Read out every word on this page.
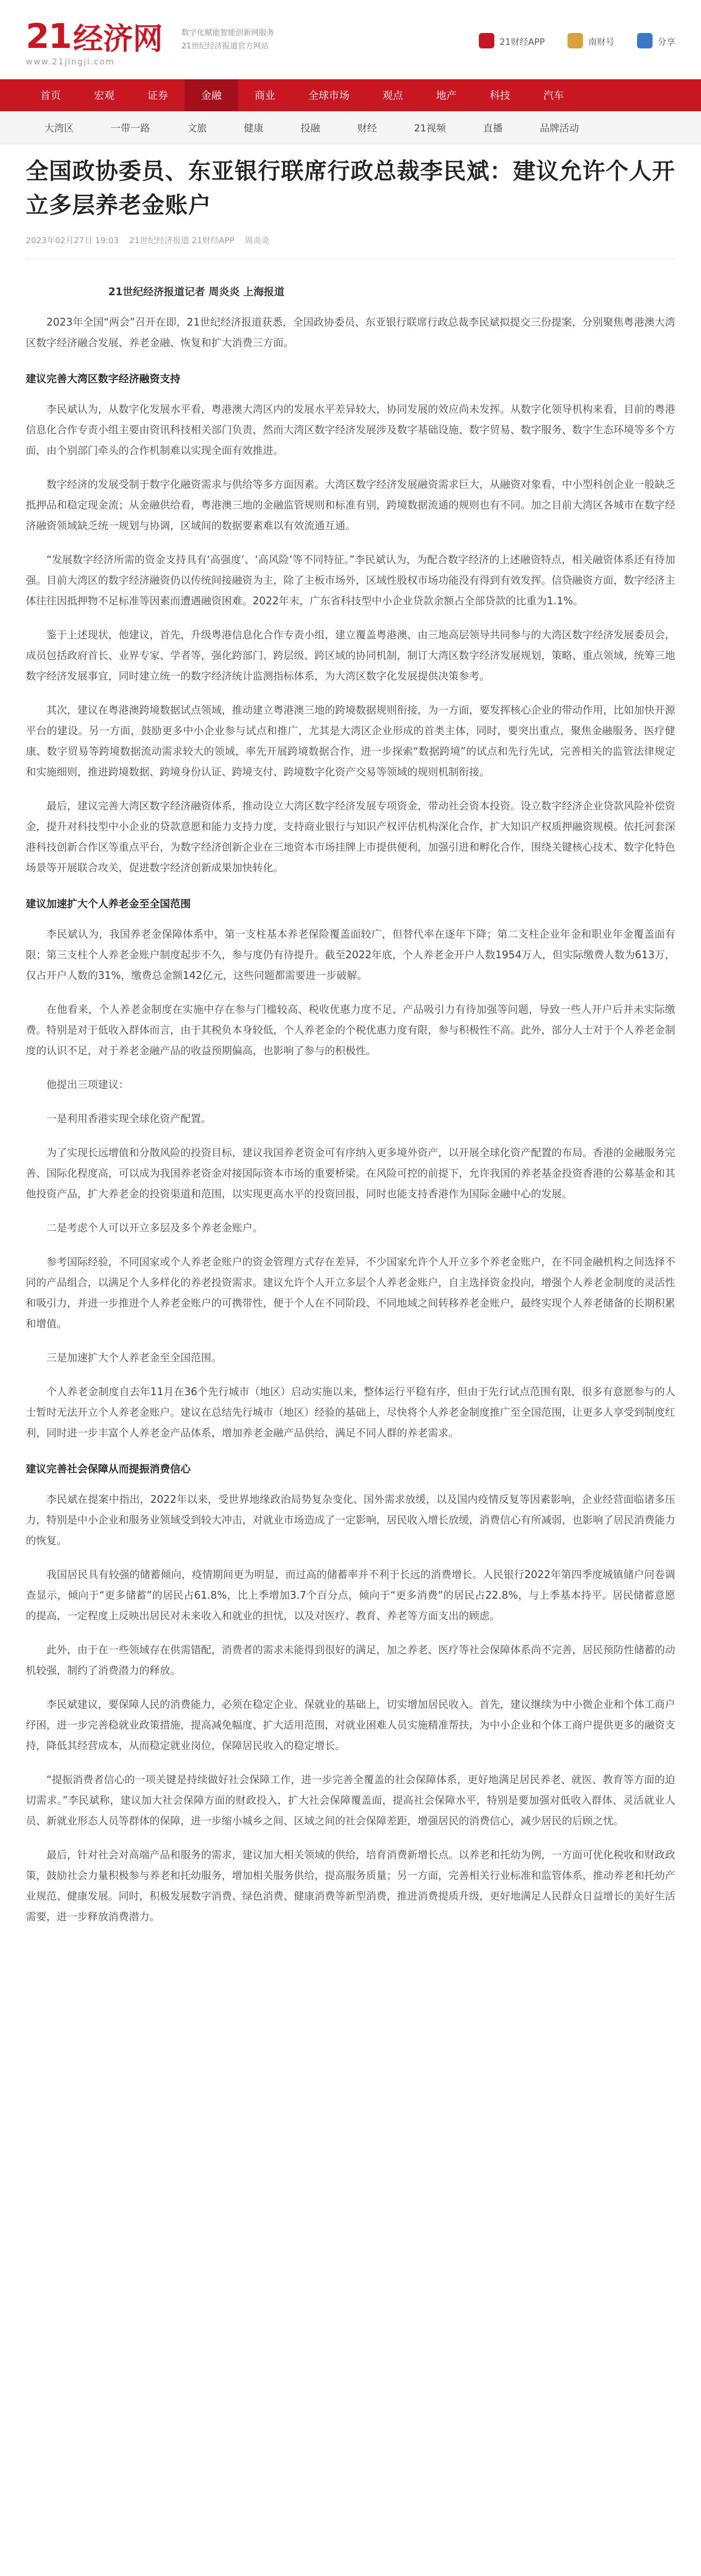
21 经济网
www.21jingji.com
数字化赋能智能创新网服务
21世纪经济报道官方网站	21财经APP	南财号	分享
首页	宏观	证券	金融	商业	全球市场	观点	地产	科技	汽车
大湾区	一带一路	文旅	健康	投融	财经	21视频	直播	品牌活动
全国政协委员、东亚银行联席行政总裁李民斌：建议允许个人开立多层养老金账户
2023年02月27日 19:03 21世纪经济报道 21财经APP 周炎炎
21世纪经济报道记者 周炎炎 上海报道

2023年全国“两会”召开在即，21世纪经济报道获悉，全国政协委员、东亚银行联席行政总裁李民斌拟提交三份提案，分别聚焦粤港澳大湾区数字经济融合发展、养老金融、恢复和扩大消费三方面。

建议完善大湾区数字经济融资支持

李民斌认为，从数字化发展水平看，粤港澳大湾区内的发展水平差异较大，协同发展的效应尚未发挥。从数字化领导机构来看，目前的粤港信息化合作专责小组主要由资讯科技相关部门负责，然而大湾区数字经济发展涉及数字基础设施、数字贸易、数字服务、数字生态环境等多个方面，由个别部门牵头的合作机制难以实现全面有效推进。

数字经济的发展受制于数字化融资需求与供给等多方面因素。大湾区数字经济发展融资需求巨大，从融资对象看，中小型科创企业一般缺乏抵押品和稳定现金流；从金融供给看，粤港澳三地的金融监管规则和标准有别，跨境数据流通的规则也有不同。加之目前大湾区各城市在数字经济融资领域缺乏统一规划与协调，区域间的数据要素难以有效流通互通。

“发展数字经济所需的资金支持具有‘高强度’、‘高风险’等不同特征。”李民斌认为，为配合数字经济的上述融资特点，相关融资体系还有待加强。目前大湾区的数字经济融资仍以传统间接融资为主，除了主板市场外，区域性股权市场功能没有得到有效发挥。信贷融资方面，数字经济主体往往因抵押物不足标准等因素而遭遇融资困难。2022年末，广东省科技型中小企业贷款余额占全部贷款的比重为1.1%。

鉴于上述现状，他建议，首先，升级粤港信息化合作专责小组，建立覆盖粤港澳、由三地高层领导共同参与的大湾区数字经济发展委员会，成员包括政府首长、业界专家、学者等，强化跨部门、跨层级、跨区域的协同机制，制订大湾区数字经济发展规划，策略、重点领域，统筹三地数字经济发展事宜，同时建立统一的数字经济统计监测指标体系，为大湾区数字化发展提供决策参考。

其次，建议在粤港澳跨境数据试点领域，推动建立粤港澳三地的跨境数据规则衔接，为一方面，要发挥核心企业的带动作用，比如加快开源平台的建设。另一方面，鼓励更多中小企业参与试点和推广，尤其是大湾区企业形成的首类主体，同时，要突出重点，聚焦金融服务、医疗健康、数字贸易等跨境数据流动需求较大的领域，率先开展跨境数据合作，进一步探索“数据跨境”的试点和先行先试，完善相关的监管法律规定和实施细则，推进跨境数据、跨境身份认证、跨境支付、跨境数字化资产交易等领域的规则机制衔接。

最后，建议完善大湾区数字经济融资体系，推动设立大湾区数字经济发展专项资金，带动社会资本投资。设立数字经济企业贷款风险补偿资金，提升对科技型中小企业的贷款意愿和能力支持力度，支持商业银行与知识产权评估机构深化合作，扩大知识产权质押融资规模。依托河套深港科技创新合作区等重点平台，为数字经济创新企业在三地资本市场挂牌上市提供便利，加强引进和孵化合作，围绕关键核心技术、数字化特色场景等开展联合攻关，促进数字经济创新成果加快转化。

建议加速扩大个人养老金至全国范围

李民斌认为，我国养老金保障体系中，第一支柱基本养老保险覆盖面较广，但替代率在逐年下降；第二支柱企业年金和职业年金覆盖面有限；第三支柱个人养老金账户制度起步不久，参与度仍有待提升。截至2022年底，个人养老金开户人数1954万人，但实际缴费人数为613万，仅占开户人数的31%，缴费总金额142亿元，这些问题都需要进一步破解。

在他看来，个人养老金制度在实施中存在参与门槛较高、税收优惠力度不足、产品吸引力有待加强等问题，导致一些人开户后并未实际缴费。特别是对于低收入群体而言，由于其税负本身较低，个人养老金的个税优惠力度有限，参与积极性不高。此外，部分人士对于个人养老金制度的认识不足，对于养老金融产品的收益预期偏高，也影响了参与的积极性。

他提出三项建议：

一是利用香港实现全球化资产配置。

为了实现长远增值和分散风险的投资目标，建议我国养老资金可有序纳入更多境外资产，以开展全球化资产配置的布局。香港的金融服务完善、国际化程度高，可以成为我国养老资金对接国际资本市场的重要桥梁。在风险可控的前提下，允许我国的养老基金投资香港的公募基金和其他投资产品，扩大养老金的投资渠道和范围，以实现更高水平的投资回报，同时也能支持香港作为国际金融中心的发展。

二是考虑个人可以开立多层及多个养老金账户。

参考国际经验，不同国家或个人养老金账户的资金管理方式存在差异，不少国家允许个人开立多个养老金账户，在不同金融机构之间选择不同的产品组合，以满足个人多样化的养老投资需求。建议允许个人开立多层个人养老金账户，自主选择资金投向，增强个人养老金制度的灵活性和吸引力，并进一步推进个人养老金账户的可携带性，便于个人在不同阶段、不同地域之间转移养老金账户，最终实现个人养老储备的长期积累和增值。

三是加速扩大个人养老金至全国范围。

个人养老金制度自去年11月在36个先行城市（地区）启动实施以来，整体运行平稳有序，但由于先行试点范围有限，很多有意愿参与的人士暂时无法开立个人养老金账户。建议在总结先行城市（地区）经验的基础上，尽快将个人养老金制度推广至全国范围，让更多人享受到制度红利，同时进一步丰富个人养老金产品体系，增加养老金融产品供给，满足不同人群的养老需求。

建议完善社会保障从而提振消费信心

李民斌在提案中指出，2022年以来，受世界地缘政治局势复杂变化、国外需求放缓，以及国内疫情反复等因素影响，企业经营面临诸多压力，特别是中小企业和服务业领域受到较大冲击，对就业市场造成了一定影响，居民收入增长放缓，消费信心有所减弱，也影响了居民消费能力的恢复。

我国居民具有较强的储蓄倾向，疫情期间更为明显，而过高的储蓄率并不利于长远的消费增长。人民银行2022年第四季度城镇储户问卷调查显示，倾向于“更多储蓄”的居民占61.8%，比上季增加3.7个百分点，倾向于“更多消费”的居民占22.8%，与上季基本持平。居民储蓄意愿的提高，一定程度上反映出居民对未来收入和就业的担忧，以及对医疗、教育、养老等方面支出的顾虑。

此外，由于在一些领域存在供需错配，消费者的需求未能得到很好的满足，加之养老、医疗等社会保障体系尚不完善，居民预防性储蓄的动机较强，制约了消费潜力的释放。

李民斌建议，要保障人民的消费能力，必须在稳定企业、保就业的基础上，切实增加居民收入。首先，建议继续为中小微企业和个体工商户纾困，进一步完善稳就业政策措施，提高减免幅度、扩大适用范围，对就业困难人员实施精准帮扶，为中小企业和个体工商户提供更多的融资支持，降低其经营成本，从而稳定就业岗位，保障居民收入的稳定增长。

“提振消费者信心的一项关键是持续做好社会保障工作，进一步完善全覆盖的社会保障体系，更好地满足居民养老、就医、教育等方面的迫切需求。”李民斌称，建议加大社会保障方面的财政投入，扩大社会保障覆盖面，提高社会保障水平，特别是要加强对低收入群体、灵活就业人员、新就业形态人员等群体的保障，进一步缩小城乡之间、区域之间的社会保障差距，增强居民的消费信心，减少居民的后顾之忧。

最后，针对社会对高端产品和服务的需求，建议加大相关领域的供给，培育消费新增长点。以养老和托幼为例，一方面可优化税收和财政政策，鼓励社会力量积极参与养老和托幼服务，增加相关服务供给，提高服务质量；另一方面，完善相关行业标准和监管体系，推动养老和托幼产业规范、健康发展。同时，积极发展数字消费、绿色消费、健康消费等新型消费，推进消费提质升级，更好地满足人民群众日益增长的美好生活需要，进一步释放消费潜力。
